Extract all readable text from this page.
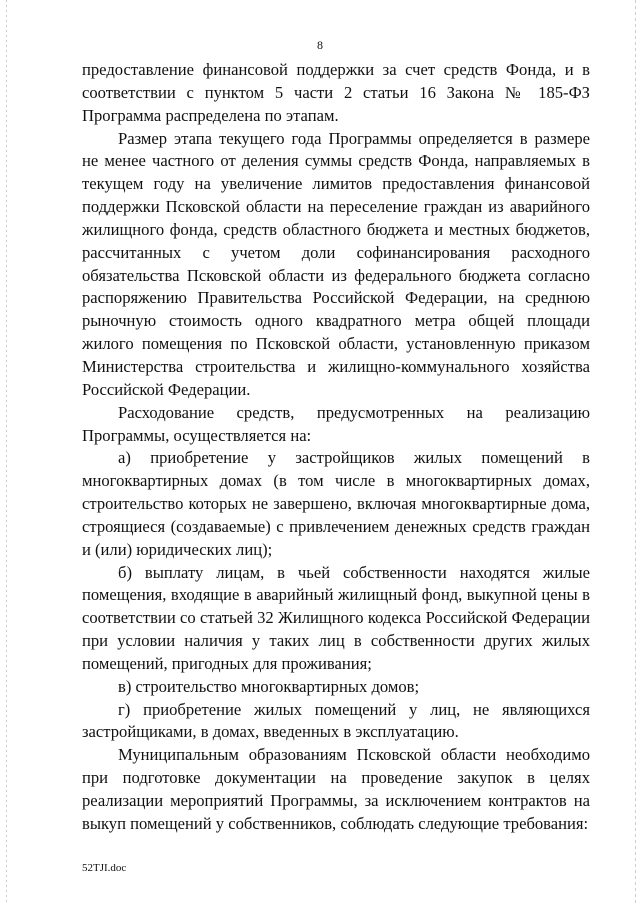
8

предоставление финансовой поддержки за счет средств Фонда, и в соответствии с пунктом 5 части 2 статьи 16 Закона № 185-ФЗ Программа распределена по этапам.

Размер этапа текущего года Программы определяется в размере не менее частного от деления суммы средств Фонда, направляемых в текущем году на увеличение лимитов предоставления финансовой поддержки Псковской области на переселение граждан из аварийного жилищного фонда, средств областного бюджета и местных бюджетов, рассчитанных с учетом доли софинансирования расходного обязательства Псковской области из федерального бюджета согласно распоряжению Правительства Российской Федерации, на среднюю рыночную стоимость одного квадратного метра общей площади жилого помещения по Псковской области, установленную приказом Министерства строительства и жилищно-коммунального хозяйства Российской Федерации.

Расходование средств, предусмотренных на реализацию Программы, осуществляется на:

а) приобретение у застройщиков жилых помещений в многоквартирных домах (в том числе в многоквартирных домах, строительство которых не завершено, включая многоквартирные дома, строящиеся (создаваемые) с привлечением денежных средств граждан и (или) юридических лиц);

б) выплату лицам, в чьей собственности находятся жилые помещения, входящие в аварийный жилищный фонд, выкупной цены в соответствии со статьей 32 Жилищного кодекса Российской Федерации при условии наличия у таких лиц в собственности других жилых помещений, пригодных для проживания;

в) строительство многоквартирных домов;

г) приобретение жилых помещений у лиц, не являющихся застройщиками, в домах, введенных в эксплуатацию.

Муниципальным образованиям Псковской области необходимо при подготовке документации на проведение закупок в целях реализации мероприятий Программы, за исключением контрактов на выкуп помещений у собственников, соблюдать следующие требования:

52TJI.doc
